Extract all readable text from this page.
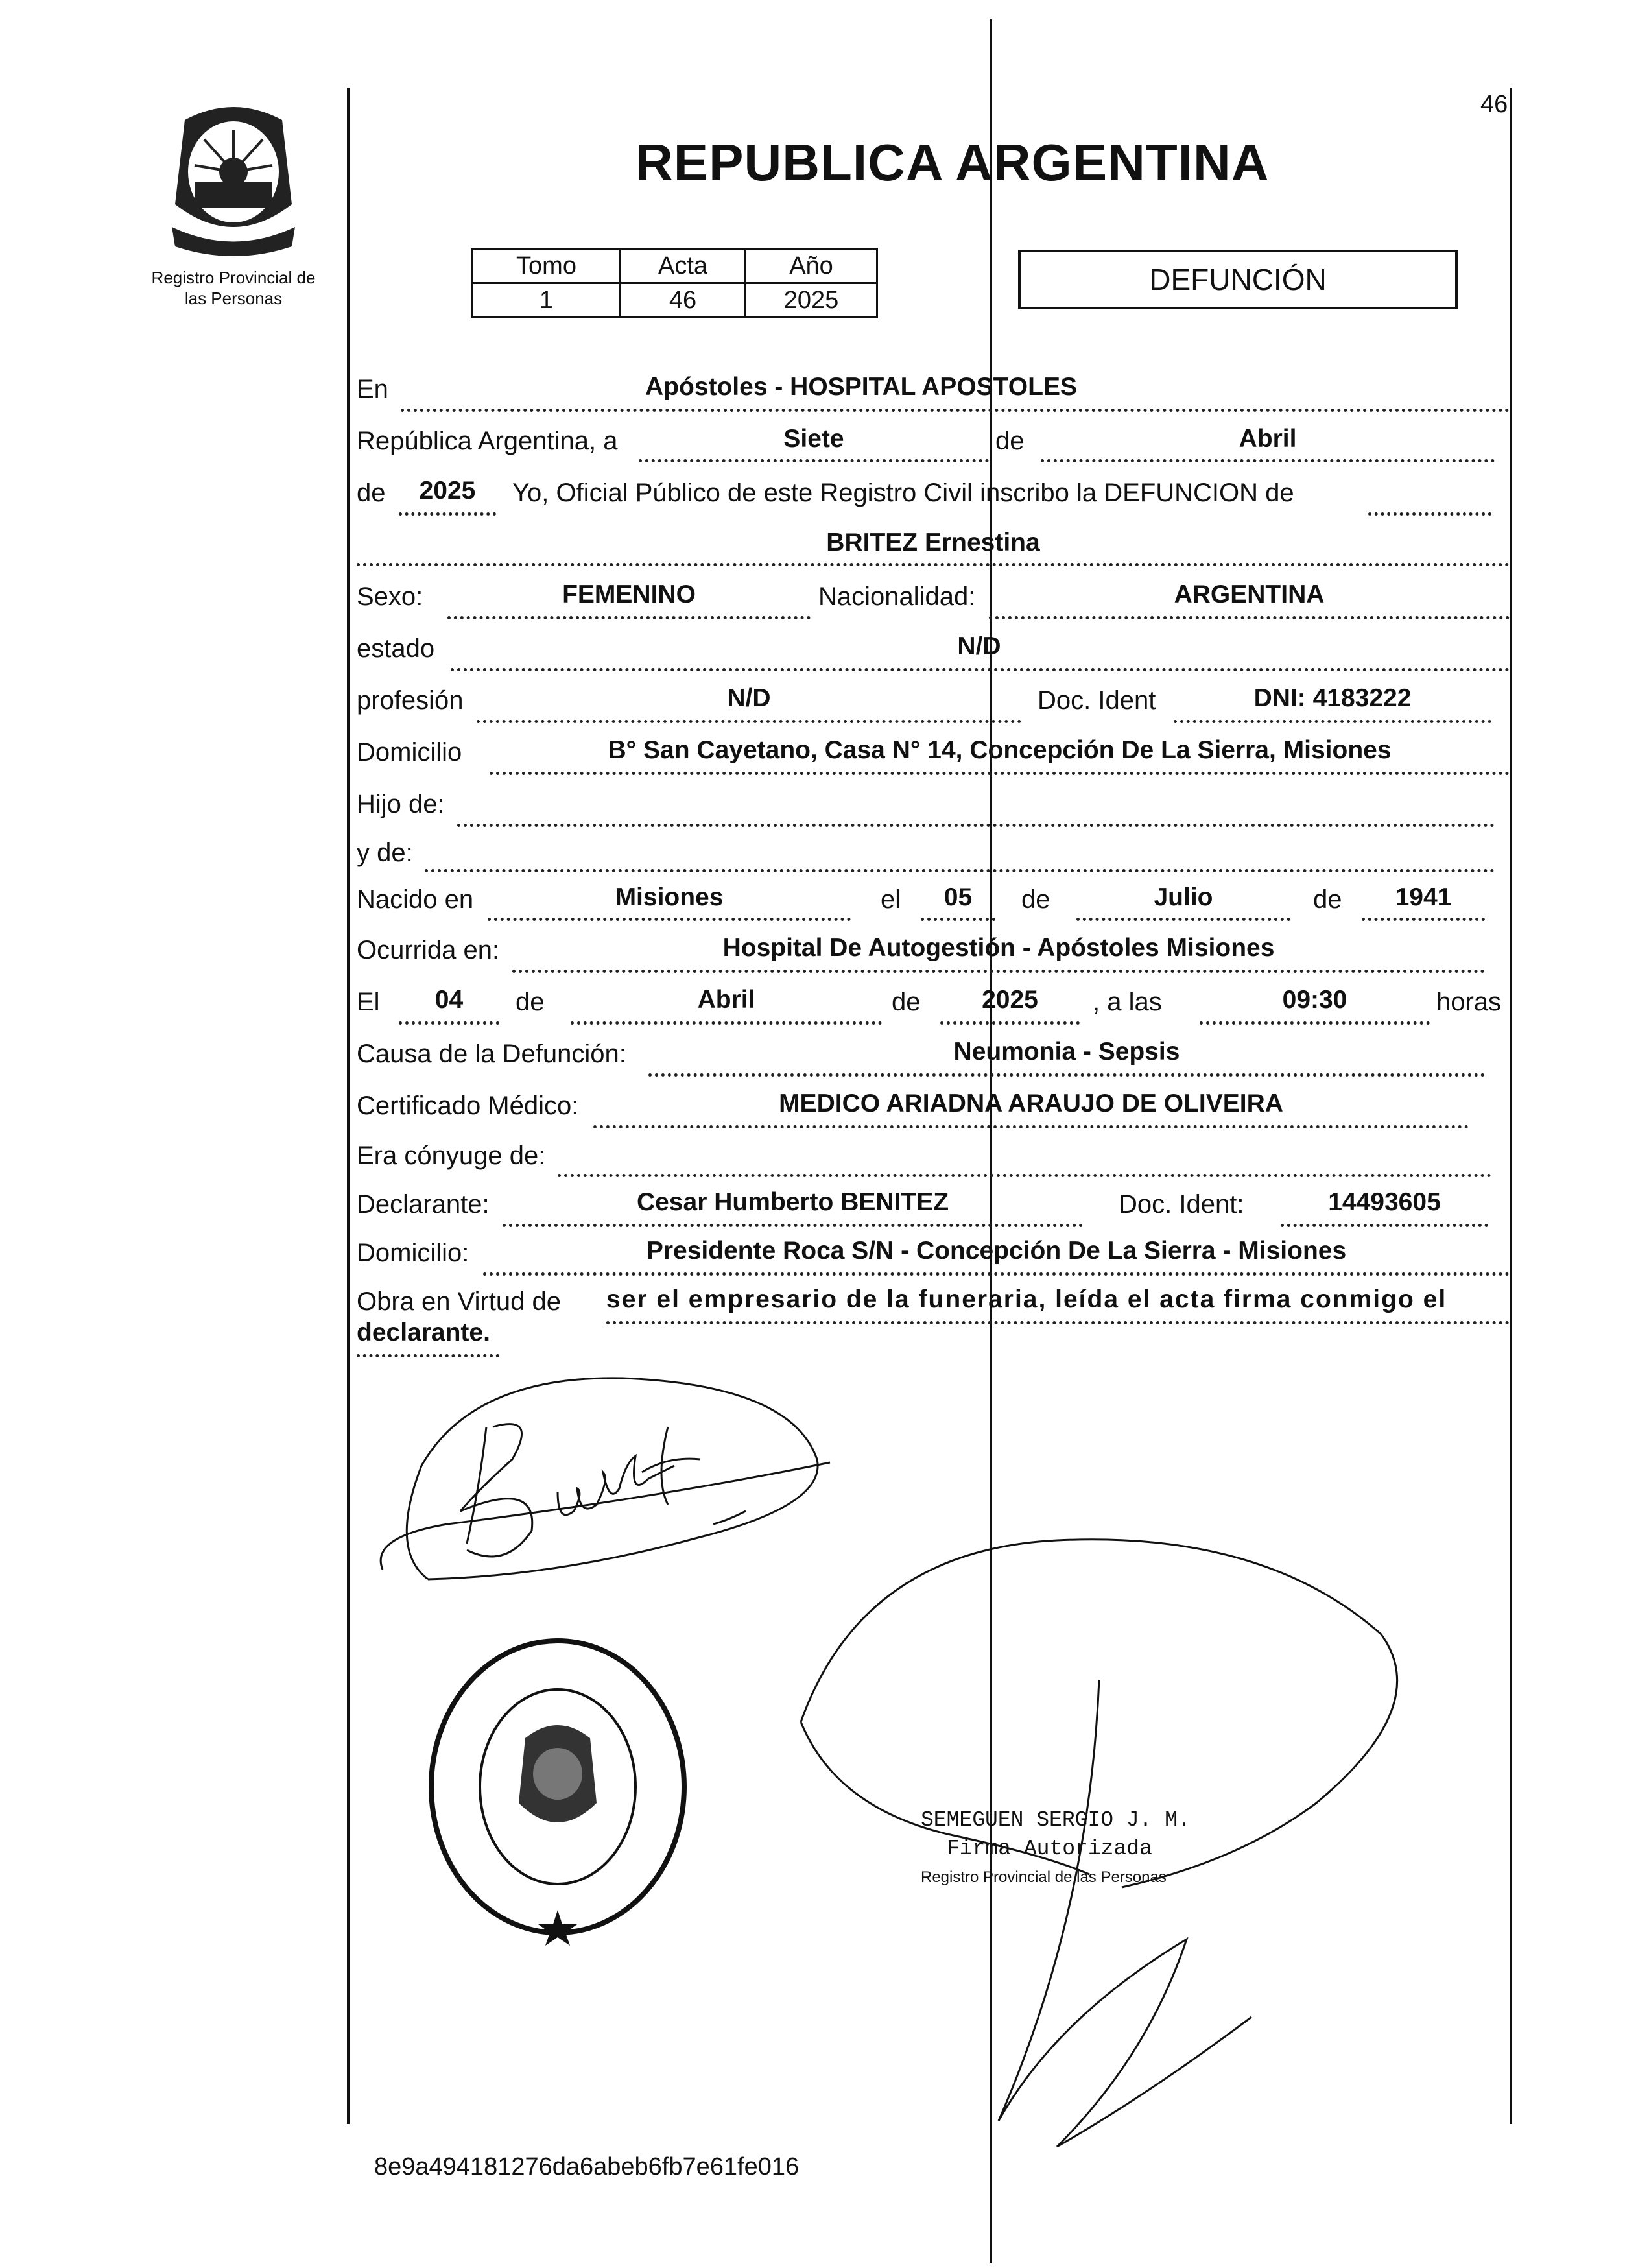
46
Registro Provincial de
las Personas
REPUBLICA ARGENTINA
Tomo	Acta	Año
1	46	2025
DEFUNCIÓN
En	Apóstoles - HOSPITAL APOSTOLES
República Argentina, a	Siete	de	Abril
de	2025	Yo, Oficial Público de este Registro Civil inscribo la DEFUNCION de
BRITEZ Ernestina
Sexo:	FEMENINO	Nacionalidad:	ARGENTINA
estado	N/D
profesión	N/D	Doc. Ident	DNI: 4183222
Domicilio	B° San Cayetano, Casa N° 14, Concepción De La Sierra, Misiones
Hijo de:
y de:
Nacido en	Misiones	el	05	de	Julio	de	1941
Ocurrida en:	Hospital De Autogestión - Apóstoles Misiones
El	04	de	Abril	de	2025	, a las	09:30	horas
Causa de la Defunción:	Neumonia - Sepsis
Certificado Médico:	MEDICO ARIADNA ARAUJO DE OLIVEIRA
Era cónyuge de:
Declarante:	Cesar Humberto BENITEZ	Doc. Ident:	14493605
Domicilio:	Presidente Roca S/N - Concepción De La Sierra - Misiones
Obra en Virtud de ser el empresario de la funeraria, leída el acta firma conmigo el
declarante.
SEMEGUEN SERGIO J. M.
Firma Autorizada
Registro Provincial de las Personas
8e9a494181276da6abeb6fb7e61fe016
